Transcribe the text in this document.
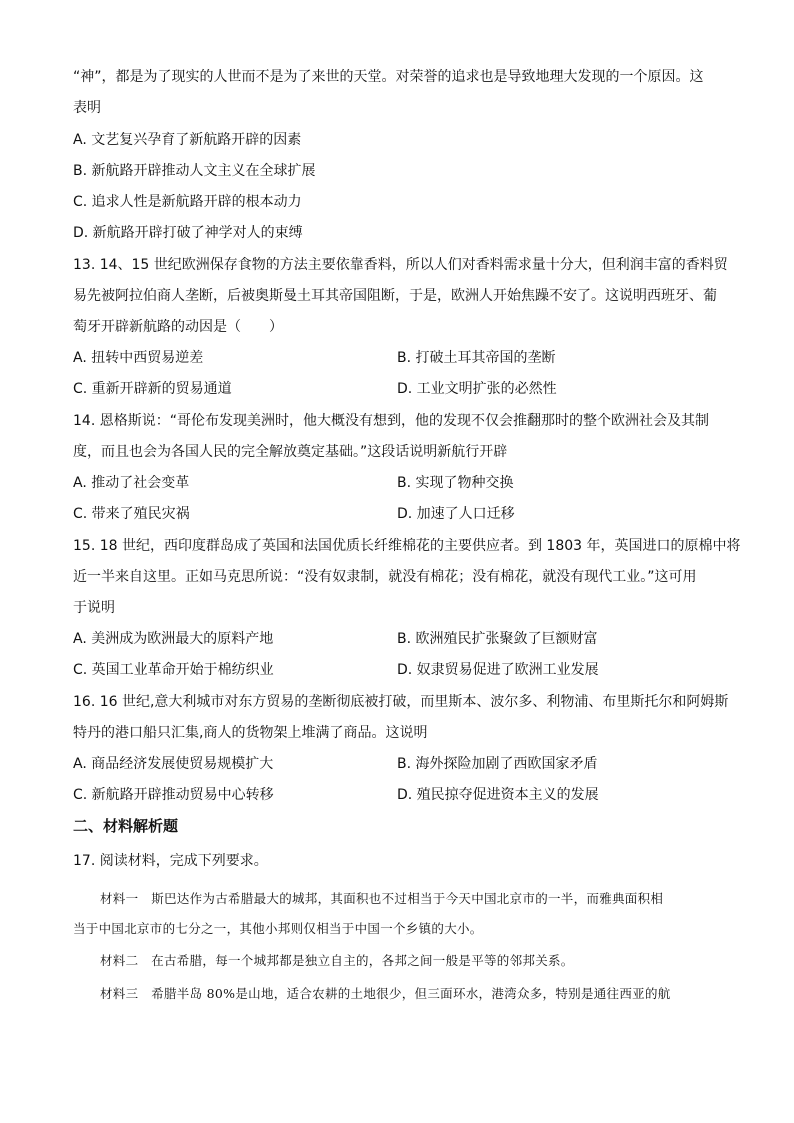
“神”，都是为了现实的人世而不是为了来世的天堂。对荣誉的追求也是导致地理大发现的一个原因。这
表明
A. 文艺复兴孕育了新航路开辟的因素
B. 新航路开辟推动人文主义在全球扩展
C. 追求人性是新航路开辟的根本动力
D. 新航路开辟打破了神学对人的束缚
13. 14、15 世纪欧洲保存食物的方法主要依靠香料，所以人们对香料需求量十分大，但利润丰富的香料贸
易先被阿拉伯商人垄断，后被奥斯曼土耳其帝国阻断，于是，欧洲人开始焦躁不安了。这说明西班牙、葡
萄牙开辟新航路的动因是（　　）
A. 扭转中西贸易逆差	B. 打破土耳其帝国的垄断
C. 重新开辟新的贸易通道	D. 工业文明扩张的必然性
14. 恩格斯说：“哥伦布发现美洲时，他大概没有想到，他的发现不仅会推翻那时的整个欧洲社会及其制
度，而且也会为各国人民的完全解放奠定基础。”这段话说明新航行开辟
A. 推动了社会变革	B. 实现了物种交换
C. 带来了殖民灾祸	D. 加速了人口迁移
15. 18 世纪，西印度群岛成了英国和法国优质长纤维棉花的主要供应者。到 1803 年，英国进口的原棉中将
近一半来自这里。正如马克思所说：“没有奴隶制，就没有棉花；没有棉花，就没有现代工业。”这可用
于说明
A. 美洲成为欧洲最大的原料产地	B. 欧洲殖民扩张聚敛了巨额财富
C. 英国工业革命开始于棉纺织业	D. 奴隶贸易促进了欧洲工业发展
16. 16 世纪,意大利城市对东方贸易的垄断彻底被打破，而里斯本、波尔多、利物浦、布里斯托尔和阿姆斯
特丹的港口船只汇集,商人的货物架上堆满了商品。这说明
A. 商品经济发展使贸易规模扩大	B. 海外探险加剧了西欧国家矛盾
C. 新航路开辟推动贸易中心转移	D. 殖民掠夺促进资本主义的发展
二、材料解析题
17. 阅读材料，完成下列要求。
材料一　斯巴达作为古希腊最大的城邦，其面积也不过相当于今天中国北京市的一半，而雅典面积相
当于中国北京市的七分之一，其他小邦则仅相当于中国一个乡镇的大小。
材料二　在古希腊，每一个城邦都是独立自主的，各邦之间一般是平等的邻邦关系。
材料三　希腊半岛 80%是山地，适合农耕的土地很少，但三面环水，港湾众多，特别是通往西亚的航
